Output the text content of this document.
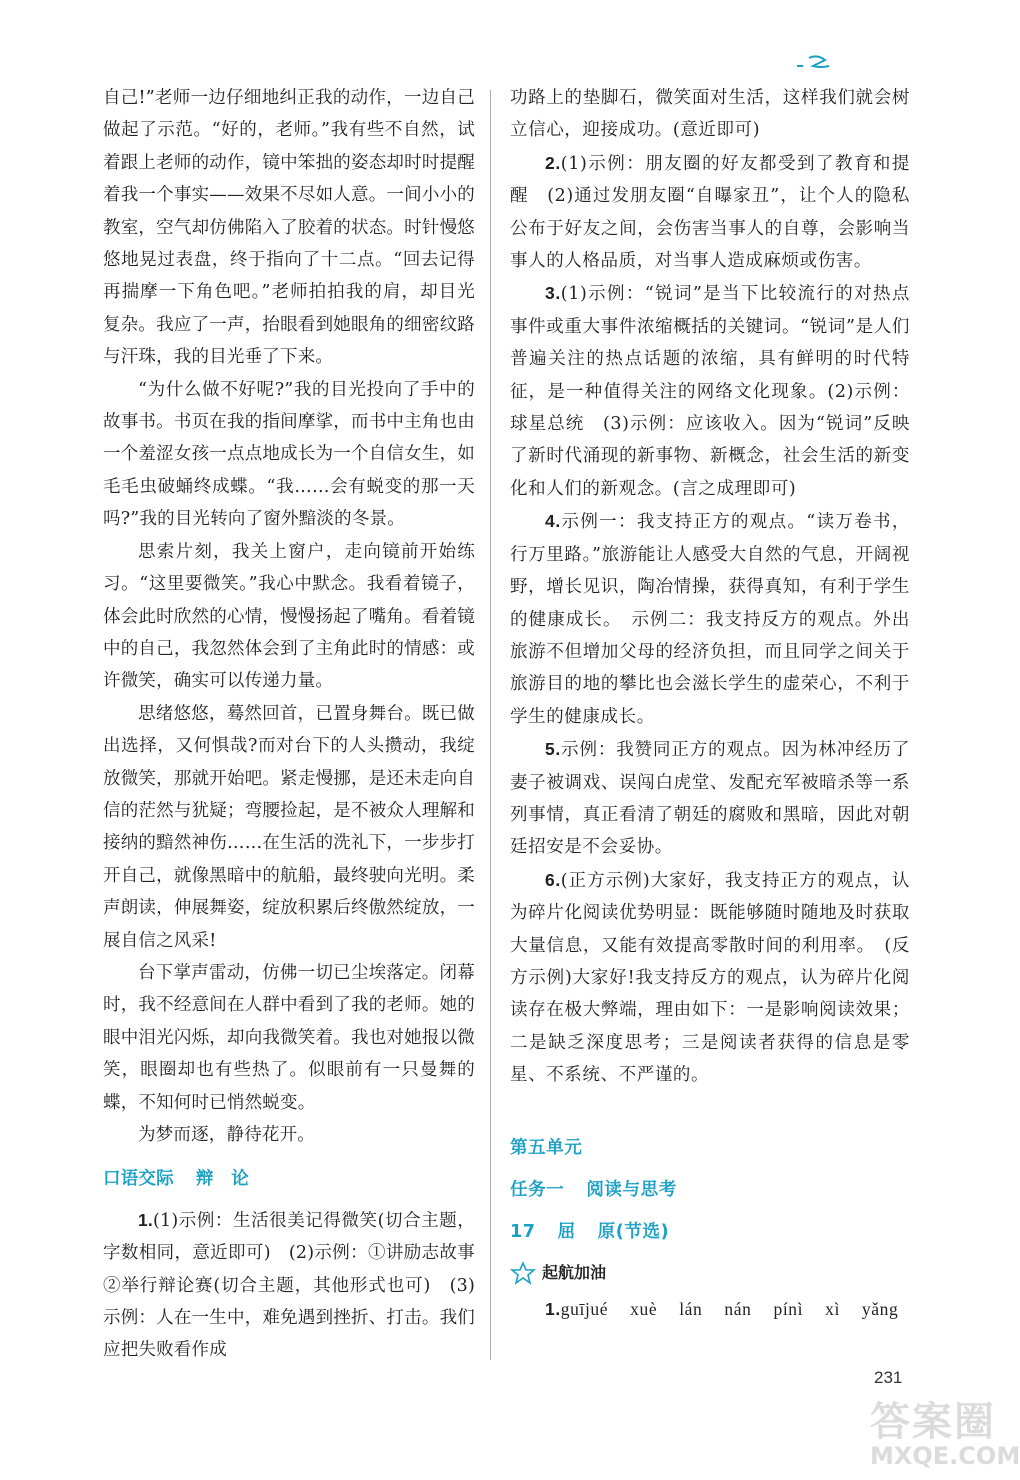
自己!”老师一边仔细地纠正我的动作，一边自己做起了示范。“好的，老师。”我有些不自然，试着跟上老师的动作，镜中笨拙的姿态却时时提醒着我一个事实——效果不尽如人意。一间小小的教室，空气却仿佛陷入了胶着的状态。时针慢悠悠地晃过表盘，终于指向了十二点。“回去记得再揣摩一下角色吧。”老师拍拍我的肩，却目光复杂。我应了一声，抬眼看到她眼角的细密纹路与汗珠，我的目光垂了下来。

“为什么做不好呢?”我的目光投向了手中的故事书。书页在我的指间摩挲，而书中主角也由一个羞涩女孩一点点地成长为一个自信女生，如毛毛虫破蛹终成蝶。“我……会有蜕变的那一天吗?”我的目光转向了窗外黯淡的冬景。

思索片刻，我关上窗户，走向镜前开始练习。“这里要微笑。”我心中默念。我看着镜子，体会此时欣然的心情，慢慢扬起了嘴角。看着镜中的自己，我忽然体会到了主角此时的情感：或许微笑，确实可以传递力量。

思绪悠悠，蓦然回首，已置身舞台。既已做出选择，又何惧哉?而对台下的人头攒动，我绽放微笑，那就开始吧。紧走慢挪，是还未走向自信的茫然与犹疑；弯腰捡起，是不被众人理解和接纳的黯然神伤……在生活的洗礼下，一步步打开自己，就像黑暗中的航船，最终驶向光明。柔声朗读，伸展舞姿，绽放积累后终傲然绽放，一展自信之风采!

台下掌声雷动，仿佛一切已尘埃落定。闭幕时，我不经意间在人群中看到了我的老师。她的眼中泪光闪烁，却向我微笑着。我也对她报以微笑，眼圈却也有些热了。似眼前有一只曼舞的蝶，不知何时已悄然蜕变。

为梦而逐，静待花开。

口语交际 辩　论

1.(1)示例：生活很美记得微笑(切合主题，字数相同，意近即可)　(2)示例：①讲励志故事　②举行辩论赛(切合主题，其他形式也可)　(3)示例：人在一生中，难免遇到挫折、打击。我们应把失败看作成

功路上的垫脚石，微笑面对生活，这样我们就会树立信心，迎接成功。(意近即可)

2.(1)示例：朋友圈的好友都受到了教育和提醒　(2)通过发朋友圈“自曝家丑”，让个人的隐私公布于好友之间，会伤害当事人的自尊，会影响当事人的人格品质，对当事人造成麻烦或伤害。

3.(1)示例：“锐词”是当下比较流行的对热点事件或重大事件浓缩概括的关键词。“锐词”是人们普遍关注的热点话题的浓缩，具有鲜明的时代特征，是一种值得关注的网络文化现象。(2)示例：球星总统　(3)示例：应该收入。因为“锐词”反映了新时代涌现的新事物、新概念，社会生活的新变化和人们的新观念。(言之成理即可)

4.示例一：我支持正方的观点。“读万卷书，行万里路。”旅游能让人感受大自然的气息，开阔视野，增长见识，陶冶情操，获得真知，有利于学生的健康成长。　示例二：我支持反方的观点。外出旅游不但增加父母的经济负担，而且同学之间关于旅游目的地的攀比也会滋长学生的虚荣心，不利于学生的健康成长。

5.示例：我赞同正方的观点。因为林冲经历了妻子被调戏、误闯白虎堂、发配充军被暗杀等一系列事情，真正看清了朝廷的腐败和黑暗，因此对朝廷招安是不会妥协。

6.(正方示例)大家好，我支持正方的观点，认为碎片化阅读优势明显：既能够随时随地及时获取大量信息，又能有效提高零散时间的利用率。　(反方示例)大家好!我支持反方的观点，认为碎片化阅读存在极大弊端，理由如下：一是影响阅读效果；二是缺乏深度思考；三是阅读者获得的信息是零星、不系统、不严谨的。

第五单元

任务一 阅读与思考

17 屈 原(节选)

起航加油

1.guījué xuè lán nán pínì xì yǎng

231
答案圈
MXQE.COM
